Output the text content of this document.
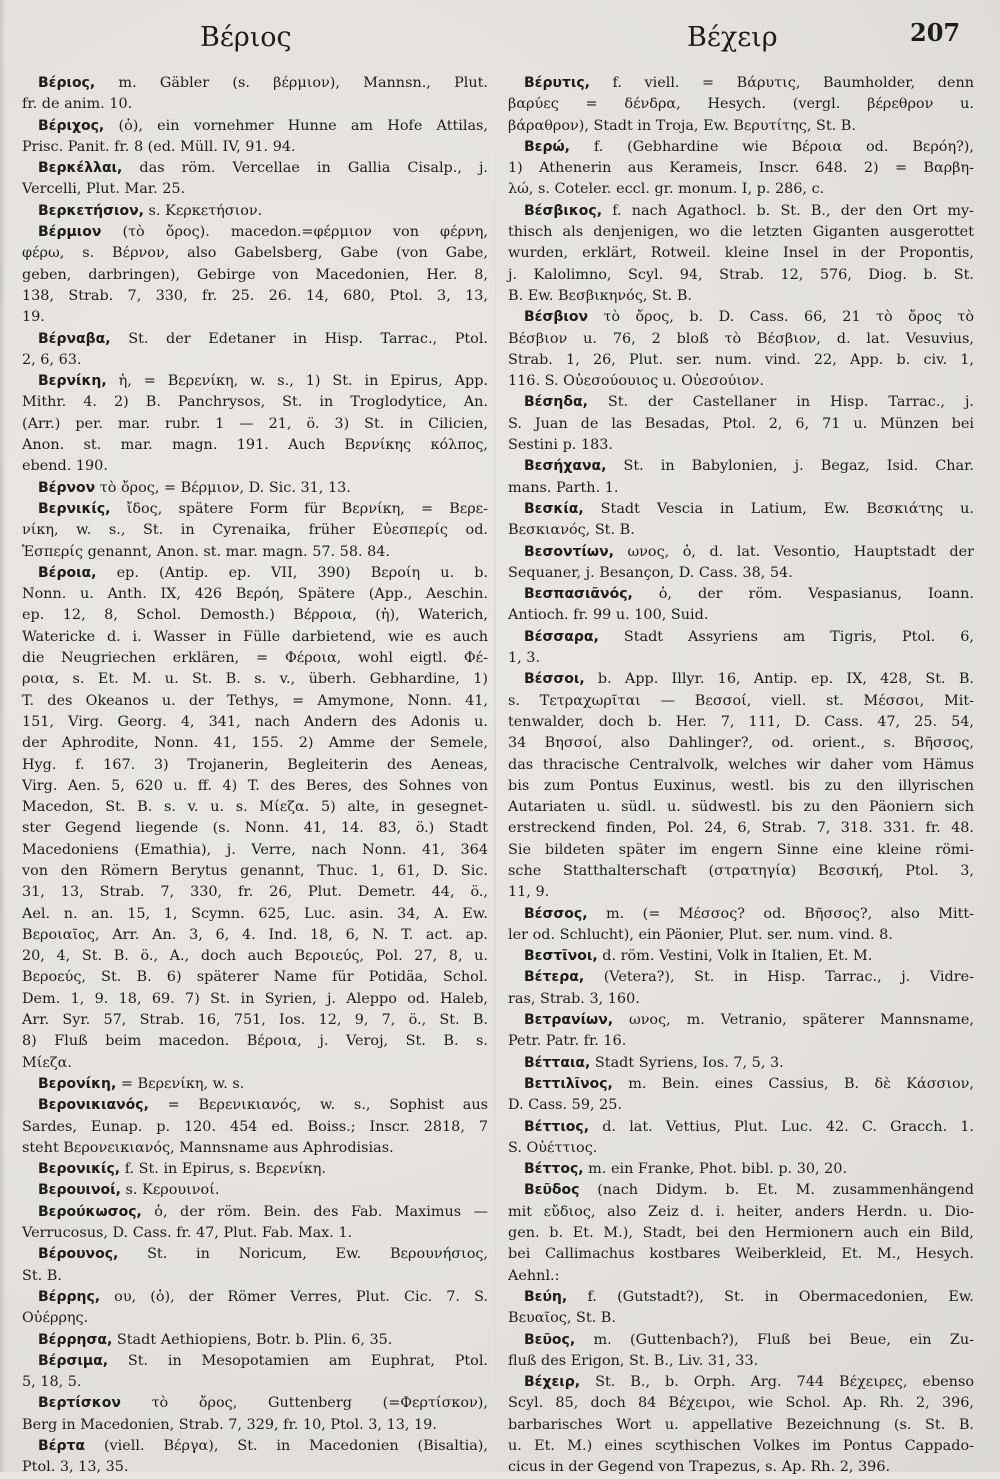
Βέριος	Βέχειρ	207
Βέριος, m. Gäbler (s. βέρμιον), Mannsn., Plut.
fr. de anim. 10.
Βέριχος, (ὁ), ein vornehmer Hunne am Hofe Attilas,
Prisc. Panit. fr. 8 (ed. Müll. IV, 91. 94.
Βερκέλλαι, das röm. Vercellae in Gallia Cisalp., j.
Vercelli, Plut. Mar. 25.
Βερκετήσιον, s. Κερκετήσιον.
Βέρμιον (τὸ ὄρος). macedon.=φέρμιον von φέρνη,
φέρω, s. Βέρνον, also Gabelsberg, Gabe (von Gabe,
geben, darbringen), Gebirge von Macedonien, Her. 8,
138, Strab. 7, 330, fr. 25. 26. 14, 680, Ptol. 3, 13,
19.
Βέρναβα, St. der Edetaner in Hisp. Tarrac., Ptol.
2, 6, 63.
Βερνίκη, ἡ, = Βερενίκη, w. s., 1) St. in Epirus, App.
Mithr. 4. 2) B. Panchrysos, St. in Troglodytice, An.
(Arr.) per. mar. rubr. 1 — 21, ö. 3) St. in Cilicien,
Anon. st. mar. magn. 191. Auch Βερνίκης κόλπος,
ebend. 190.
Βέρνον τὸ ὄρος, = Βέρμιον, D. Sic. 31, 13.
Βερνικίς, ἴδος, spätere Form für Βερνίκη, = Βερε-
νίκη, w. s., St. in Cyrenaika, früher Εὐεσπερίς od.
Ἑσπερίς genannt, Anon. st. mar. magn. 57. 58. 84.
Βέροια, ep. (Antip. ep. VII, 390) Βεροίη u. b.
Nonn. u. Anth. IX, 426 Βερόη, Spätere (App., Aeschin.
ep. 12, 8, Schol. Demosth.) Βέρροια, (ἡ), Waterich,
Watericke d. i. Wasser in Fülle darbietend, wie es auch
die Neugriechen erklären, = Φέροια, wohl eigtl. Φέ-
ροια, s. Et. M. u. St. B. s. v., überh. Gebhardine, 1)
T. des Okeanos u. der Tethys, = Amymone, Nonn. 41,
151, Virg. Georg. 4, 341, nach Andern des Adonis u.
der Aphrodite, Nonn. 41, 155. 2) Amme der Semele,
Hyg. f. 167. 3) Trojanerin, Begleiterin des Aeneas,
Virg. Aen. 5, 620 u. ff. 4) T. des Beres, des Sohnes von
Macedon, St. B. s. v. u. s. Μίεζα. 5) alte, in gesegnet-
ster Gegend liegende (s. Nonn. 41, 14. 83, ö.) Stadt
Macedoniens (Emathia), j. Verre, nach Nonn. 41, 364
von den Römern Berytus genannt, Thuc. 1, 61, D. Sic.
31, 13, Strab. 7, 330, fr. 26, Plut. Demetr. 44, ö.,
Ael. n. an. 15, 1, Scymn. 625, Luc. asin. 34, A. Ew.
Βεροιαῖος, Arr. An. 3, 6, 4. Ind. 18, 6, N. T. act. ap.
20, 4, St. B. ö., A., doch auch Βεροιεύς, Pol. 27, 8, u.
Βεροεύς, St. B. 6) späterer Name für Potidäa, Schol.
Dem. 1, 9. 18, 69. 7) St. in Syrien, j. Aleppo od. Haleb,
Arr. Syr. 57, Strab. 16, 751, Ios. 12, 9, 7, ö., St. B.
8) Fluß beim macedon. Βέροια, j. Veroj, St. B. s.
Μίεζα.
Βερονίκη, = Βερενίκη, w. s.
Βερονικιανός, = Βερενικιανός, w. s., Sophist aus
Sardes, Eunap. p. 120. 454 ed. Boiss.; Inscr. 2818, 7
steht Βερονεικιανός, Mannsname aus Aphrodisias.
Βερονικίς, f. St. in Epirus, s. Βερενίκη.
Βερουινοί, s. Κερουινοί.
Βερούκωσος, ὁ, der röm. Bein. des Fab. Maximus —
Verrucosus, D. Cass. fr. 47, Plut. Fab. Max. 1.
Βέρουνος, St. in Noricum, Ew. Βερουνήσιος,
St. B.
Βέρρης, ου, (ὁ), der Römer Verres, Plut. Cic. 7. S.
Οὐέρρης.
Βέρρησα, Stadt Aethiopiens, Botr. b. Plin. 6, 35.
Βέρσιμα, St. in Mesopotamien am Euphrat, Ptol.
5, 18, 5.
Βερτίσκον τὸ ὄρος, Guttenberg (=Φερτίσκον),
Berg in Macedonien, Strab. 7, 329, fr. 10, Ptol. 3, 13, 19.
Βέρτα (viell. Βέργα), St. in Macedonien (Bisaltia),
Ptol. 3, 13, 35.
Βέρυτις, f. viell. = Βάρυτις, Baumholder, denn
βαρύες = δένδρα, Hesych. (vergl. βέρεθρον u.
βάραθρον), Stadt in Troja, Ew. Βερυτίτης, St. B.
Βερώ, f. (Gebhardine wie Βέροια od. Βερόη?),
1) Athenerin aus Kerameis, Inscr. 648. 2) = Βαρβη-
λώ, s. Coteler. eccl. gr. monum. I, p. 286, c.
Βέσβικος, f. nach Agathocl. b. St. B., der den Ort my-
thisch als denjenigen, wo die letzten Giganten ausgerottet
wurden, erklärt, Rotweil. kleine Insel in der Propontis,
j. Kalolimno, Scyl. 94, Strab. 12, 576, Diog. b. St.
B. Ew. Βεσβικηνός, St. B.
Βέσβιον τὸ ὄρος, b. D. Cass. 66, 21 τὸ ὄρος τὸ
Βέσβιον u. 76, 2 bloß τὸ Βέσβιον, d. lat. Vesuvius,
Strab. 1, 26, Plut. ser. num. vind. 22, App. b. civ. 1,
116. S. Οὐεσούουιος u. Οὐεσούιον.
Βέσηδα, St. der Castellaner in Hisp. Tarrac., j.
S. Juan de las Besadas, Ptol. 2, 6, 71 u. Münzen bei
Sestini p. 183.
Βεσήχανα, St. in Babylonien, j. Begaz, Isid. Char.
mans. Parth. 1.
Βεσκία, Stadt Vescia in Latium, Ew. Βεσκιάτης u.
Βεσκιανός, St. B.
Βεσοντίων, ωνος, ὁ, d. lat. Vesontio, Hauptstadt der
Sequaner, j. Besançon, D. Cass. 38, 54.
Βεσπασιᾶνός, ὁ, der röm. Vespasianus, Ioann.
Antioch. fr. 99 u. 100, Suid.
Βέσσαρα, Stadt Assyriens am Tigris, Ptol. 6,
1, 3.
Βέσσοι, b. App. Illyr. 16, Antip. ep. IX, 428, St. B.
s. Τετραχωρῖται — Βεσσοί, viell. st. Μέσσοι, Mit-
tenwalder, doch b. Her. 7, 111, D. Cass. 47, 25. 54,
34 Βησσοί, also Dahlinger?, od. orient., s. Βῆσσος,
das thracische Centralvolk, welches wir daher vom Hämus
bis zum Pontus Euxinus, westl. bis zu den illyrischen
Autariaten u. südl. u. südwestl. bis zu den Päoniern sich
erstreckend finden, Pol. 24, 6, Strab. 7, 318. 331. fr. 48.
Sie bildeten später im engern Sinne eine kleine römi-
sche Statthalterschaft (στρατηγία) Βεσσική, Ptol. 3,
11, 9.
Βέσσος, m. (= Μέσσος? od. Βῆσσος?, also Mitt-
ler od. Schlucht), ein Päonier, Plut. ser. num. vind. 8.
Βεστῖνοι, d. röm. Vestini, Volk in Italien, Et. M.
Βέτερα, (Vetera?), St. in Hisp. Tarrac., j. Vidre-
ras, Strab. 3, 160.
Βετρανίων, ωνος, m. Vetranio, späterer Mannsname,
Petr. Patr. fr. 16.
Βέτταια, Stadt Syriens, Ios. 7, 5, 3.
Βεττιλῖνος, m. Bein. eines Cassius, Β. δὲ Κάσσιον,
D. Cass. 59, 25.
Βέττιος, d. lat. Vettius, Plut. Luc. 42. C. Gracch. 1.
S. Οὐέττιος.
Βέττος, m. ein Franke, Phot. bibl. p. 30, 20.
Βεῦδος (nach Didym. b. Et. M. zusammenhängend
mit εὔδιος, also Zeiz d. i. heiter, anders Herdn. u. Dio-
gen. b. Et. M.), Stadt, bei den Hermionern auch ein Bild,
bei Callimachus kostbares Weiberkleid, Et. M., Hesych.
Aehnl.:
Βεύη, f. (Gutstadt?), St. in Obermacedonien, Ew.
Βευαῖος, St. B.
Βεῦος, m. (Guttenbach?), Fluß bei Beue, ein Zu-
fluß des Erigon, St. B., Liv. 31, 33.
Βέχειρ, St. B., b. Orph. Arg. 744 Βέχειρες, ebenso
Scyl. 85, doch 84 Βέχειροι, wie Schol. Ap. Rh. 2, 396,
barbarisches Wort u. appellative Bezeichnung (s. St. B.
u. Et. M.) eines scythischen Volkes im Pontus Cappado-
cicus in der Gegend von Trapezus, s. Ap. Rh. 2, 396.
